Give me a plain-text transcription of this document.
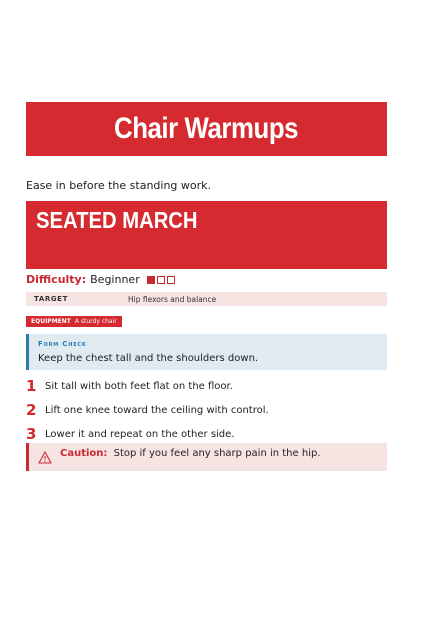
Chair Warmups
Ease in before the standing work.
SEATED MARCH
Difficulty: Beginner
TARGET	Hip flexors and balance
EQUIPMENT A sturdy chair
Form Check
Keep the chest tall and the shoulders down.
1 Sit tall with both feet flat on the floor.
2 Lift one knee toward the ceiling with control.
3 Lower it and repeat on the other side.
Caution: Stop if you feel any sharp pain in the hip.
